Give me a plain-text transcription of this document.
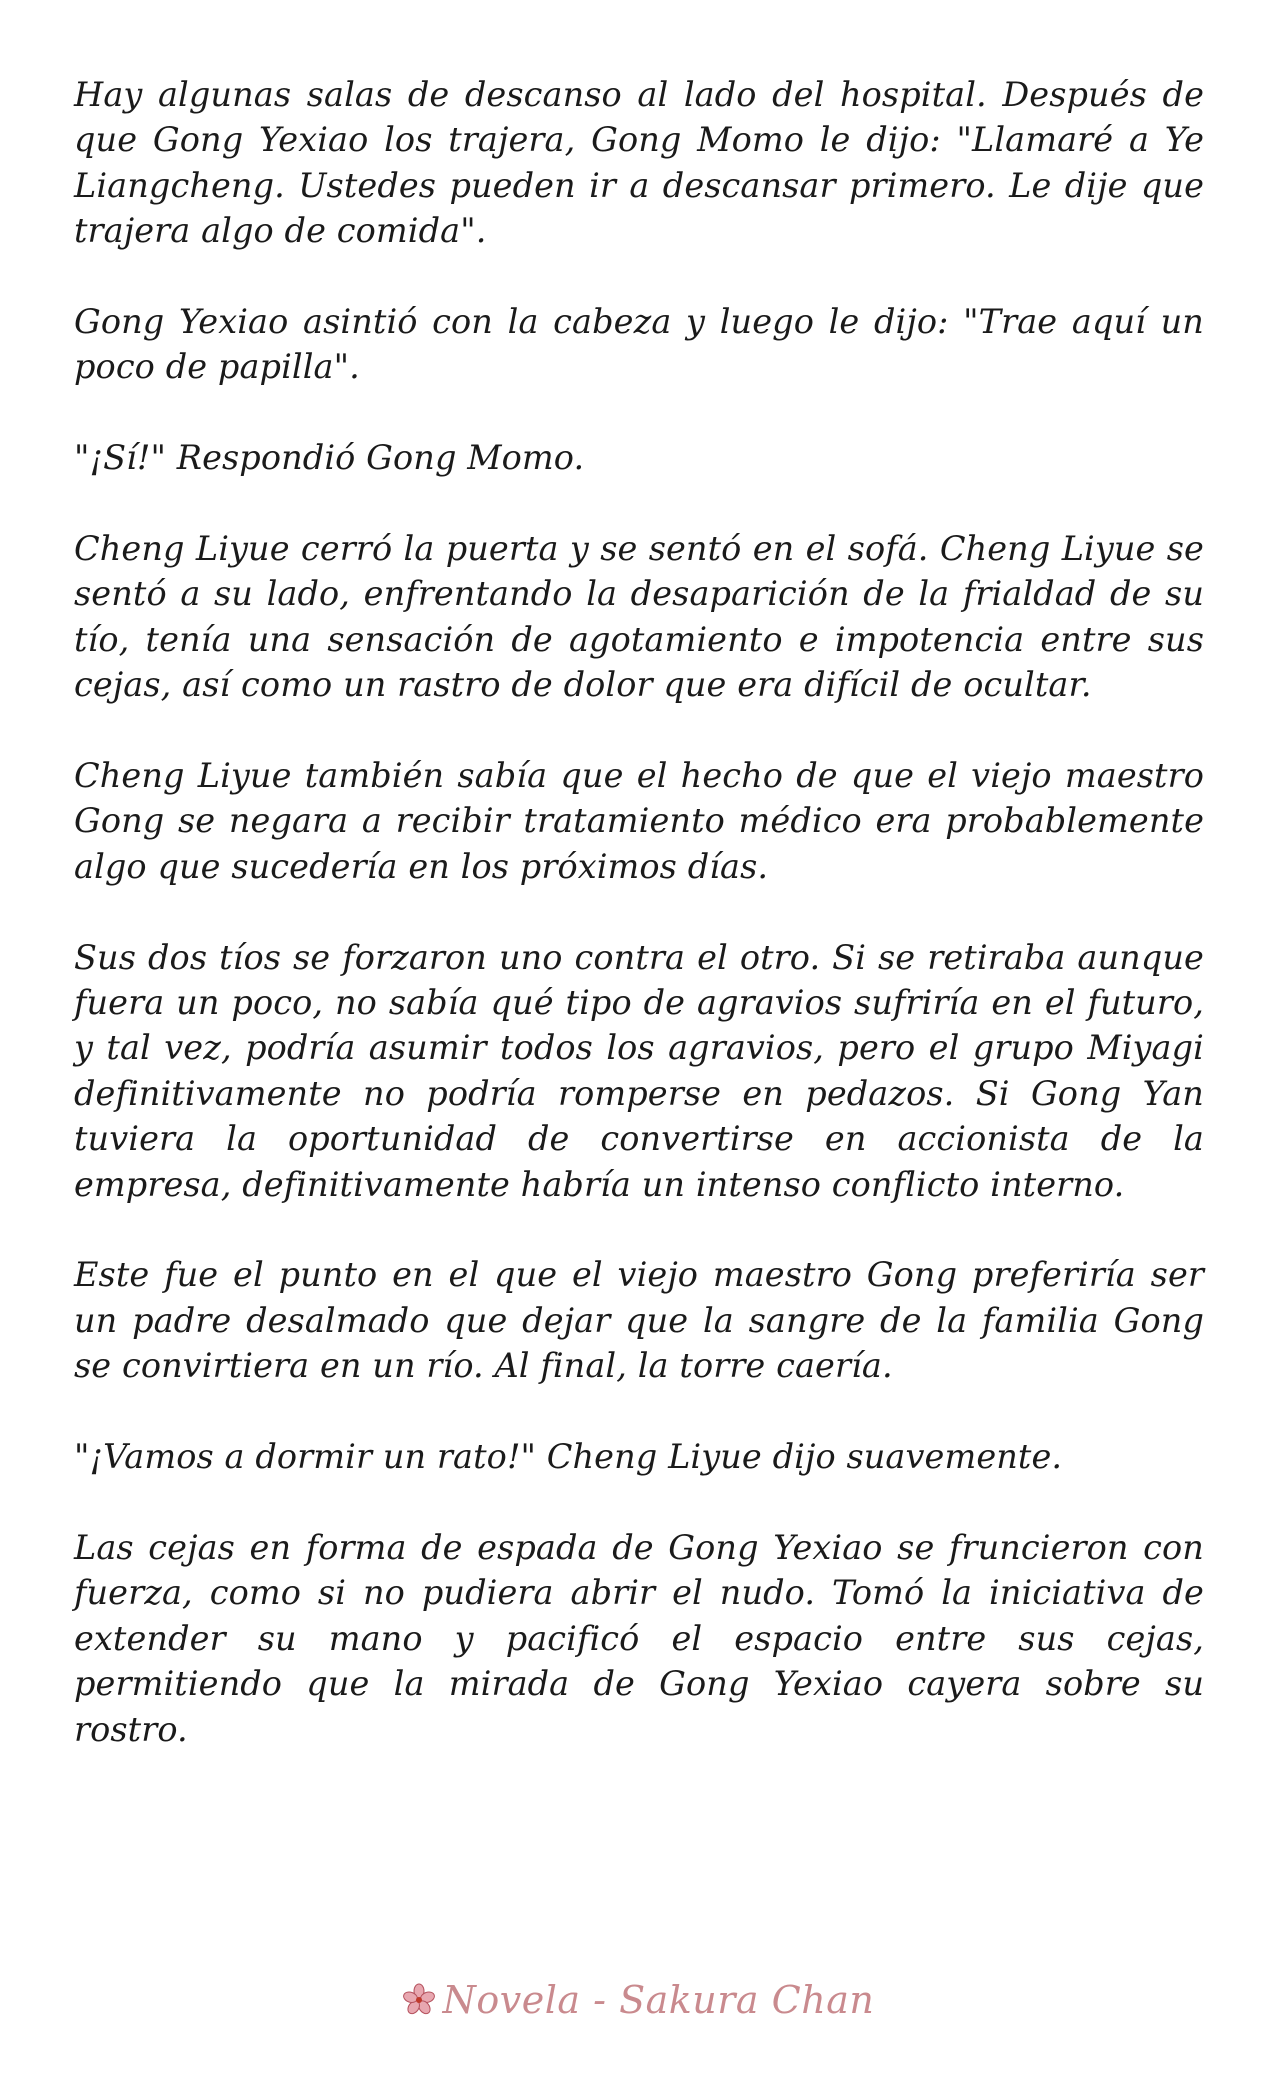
Hay algunas salas de descanso al lado del hospital. Después de que Gong Yexiao los trajera, Gong Momo le dijo: "Llamaré a Ye Liangcheng. Ustedes pueden ir a descansar primero. Le dije que trajera algo de comida".

Gong Yexiao asintió con la cabeza y luego le dijo: "Trae aquí un poco de papilla".

"¡Sí!" Respondió Gong Momo.

Cheng Liyue cerró la puerta y se sentó en el sofá. Cheng Liyue se sentó a su lado, enfrentando la desaparición de la frialdad de su tío, tenía una sensación de agotamiento e impotencia entre sus cejas, así como un rastro de dolor que era difícil de ocultar.

Cheng Liyue también sabía que el hecho de que el viejo maestro Gong se negara a recibir tratamiento médico era probablemente algo que sucedería en los próximos días.

Sus dos tíos se forzaron uno contra el otro. Si se retiraba aunque fuera un poco, no sabía qué tipo de agravios sufriría en el futuro, y tal vez, podría asumir todos los agravios, pero el grupo Miyagi definitivamente no podría romperse en pedazos. Si Gong Yan tuviera la oportunidad de convertirse en accionista de la empresa, definitivamente habría un intenso conflicto interno.

Este fue el punto en el que el viejo maestro Gong preferiría ser un padre desalmado que dejar que la sangre de la familia Gong se convirtiera en un río. Al final, la torre caería.

"¡Vamos a dormir un rato!" Cheng Liyue dijo suavemente.

Las cejas en forma de espada de Gong Yexiao se fruncieron con fuerza, como si no pudiera abrir el nudo. Tomó la iniciativa de extender su mano y pacificó el espacio entre sus cejas, permitiendo que la mirada de Gong Yexiao cayera sobre su rostro.

Novela - Sakura Chan
